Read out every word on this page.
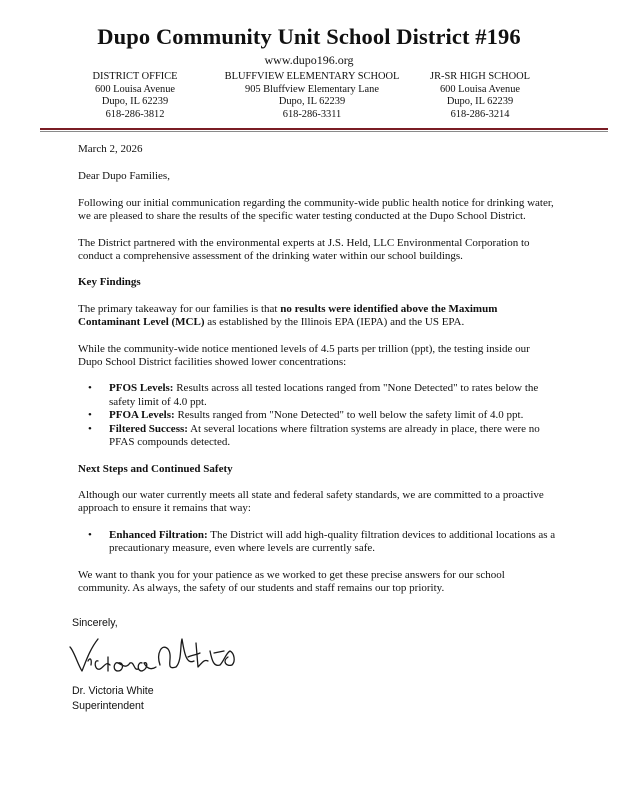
Dupo Community Unit School District #196
www.dupo196.org
DISTRICT OFFICE
600 Louisa Avenue
Dupo, IL 62239
618-286-3812
BLUFFVIEW ELEMENTARY SCHOOL
905 Bluffview Elementary Lane
Dupo, IL 62239
618-286-3311
JR-SR HIGH SCHOOL
600 Louisa Avenue
Dupo, IL 62239
618-286-3214

March 2, 2026

Dear Dupo Families,

Following our initial communication regarding the community-wide public health notice for drinking water, we are pleased to share the results of the specific water testing conducted at the Dupo School District.

The District partnered with the environmental experts at J.S. Held, LLC Environmental Corporation to conduct a comprehensive assessment of the drinking water within our school buildings.

Key Findings

The primary takeaway for our families is that no results were identified above the Maximum Contaminant Level (MCL) as established by the Illinois EPA (IEPA) and the US EPA.

While the community-wide notice mentioned levels of 4.5 parts per trillion (ppt), the testing inside our Dupo School District facilities showed lower concentrations:

• PFOS Levels: Results across all tested locations ranged from "None Detected" to rates below the safety limit of 4.0 ppt.
• PFOA Levels: Results ranged from "None Detected" to well below the safety limit of 4.0 ppt.
• Filtered Success: At several locations where filtration systems are already in place, there were no PFAS compounds detected.

Next Steps and Continued Safety

Although our water currently meets all state and federal safety standards, we are committed to a proactive approach to ensure it remains that way:

• Enhanced Filtration: The District will add high-quality filtration devices to additional locations as a precautionary measure, even where levels are currently safe.

We want to thank you for your patience as we worked to get these precise answers for our school community. As always, the safety of our students and staff remains our top priority.

Sincerely,
Dr. Victoria White
Superintendent
